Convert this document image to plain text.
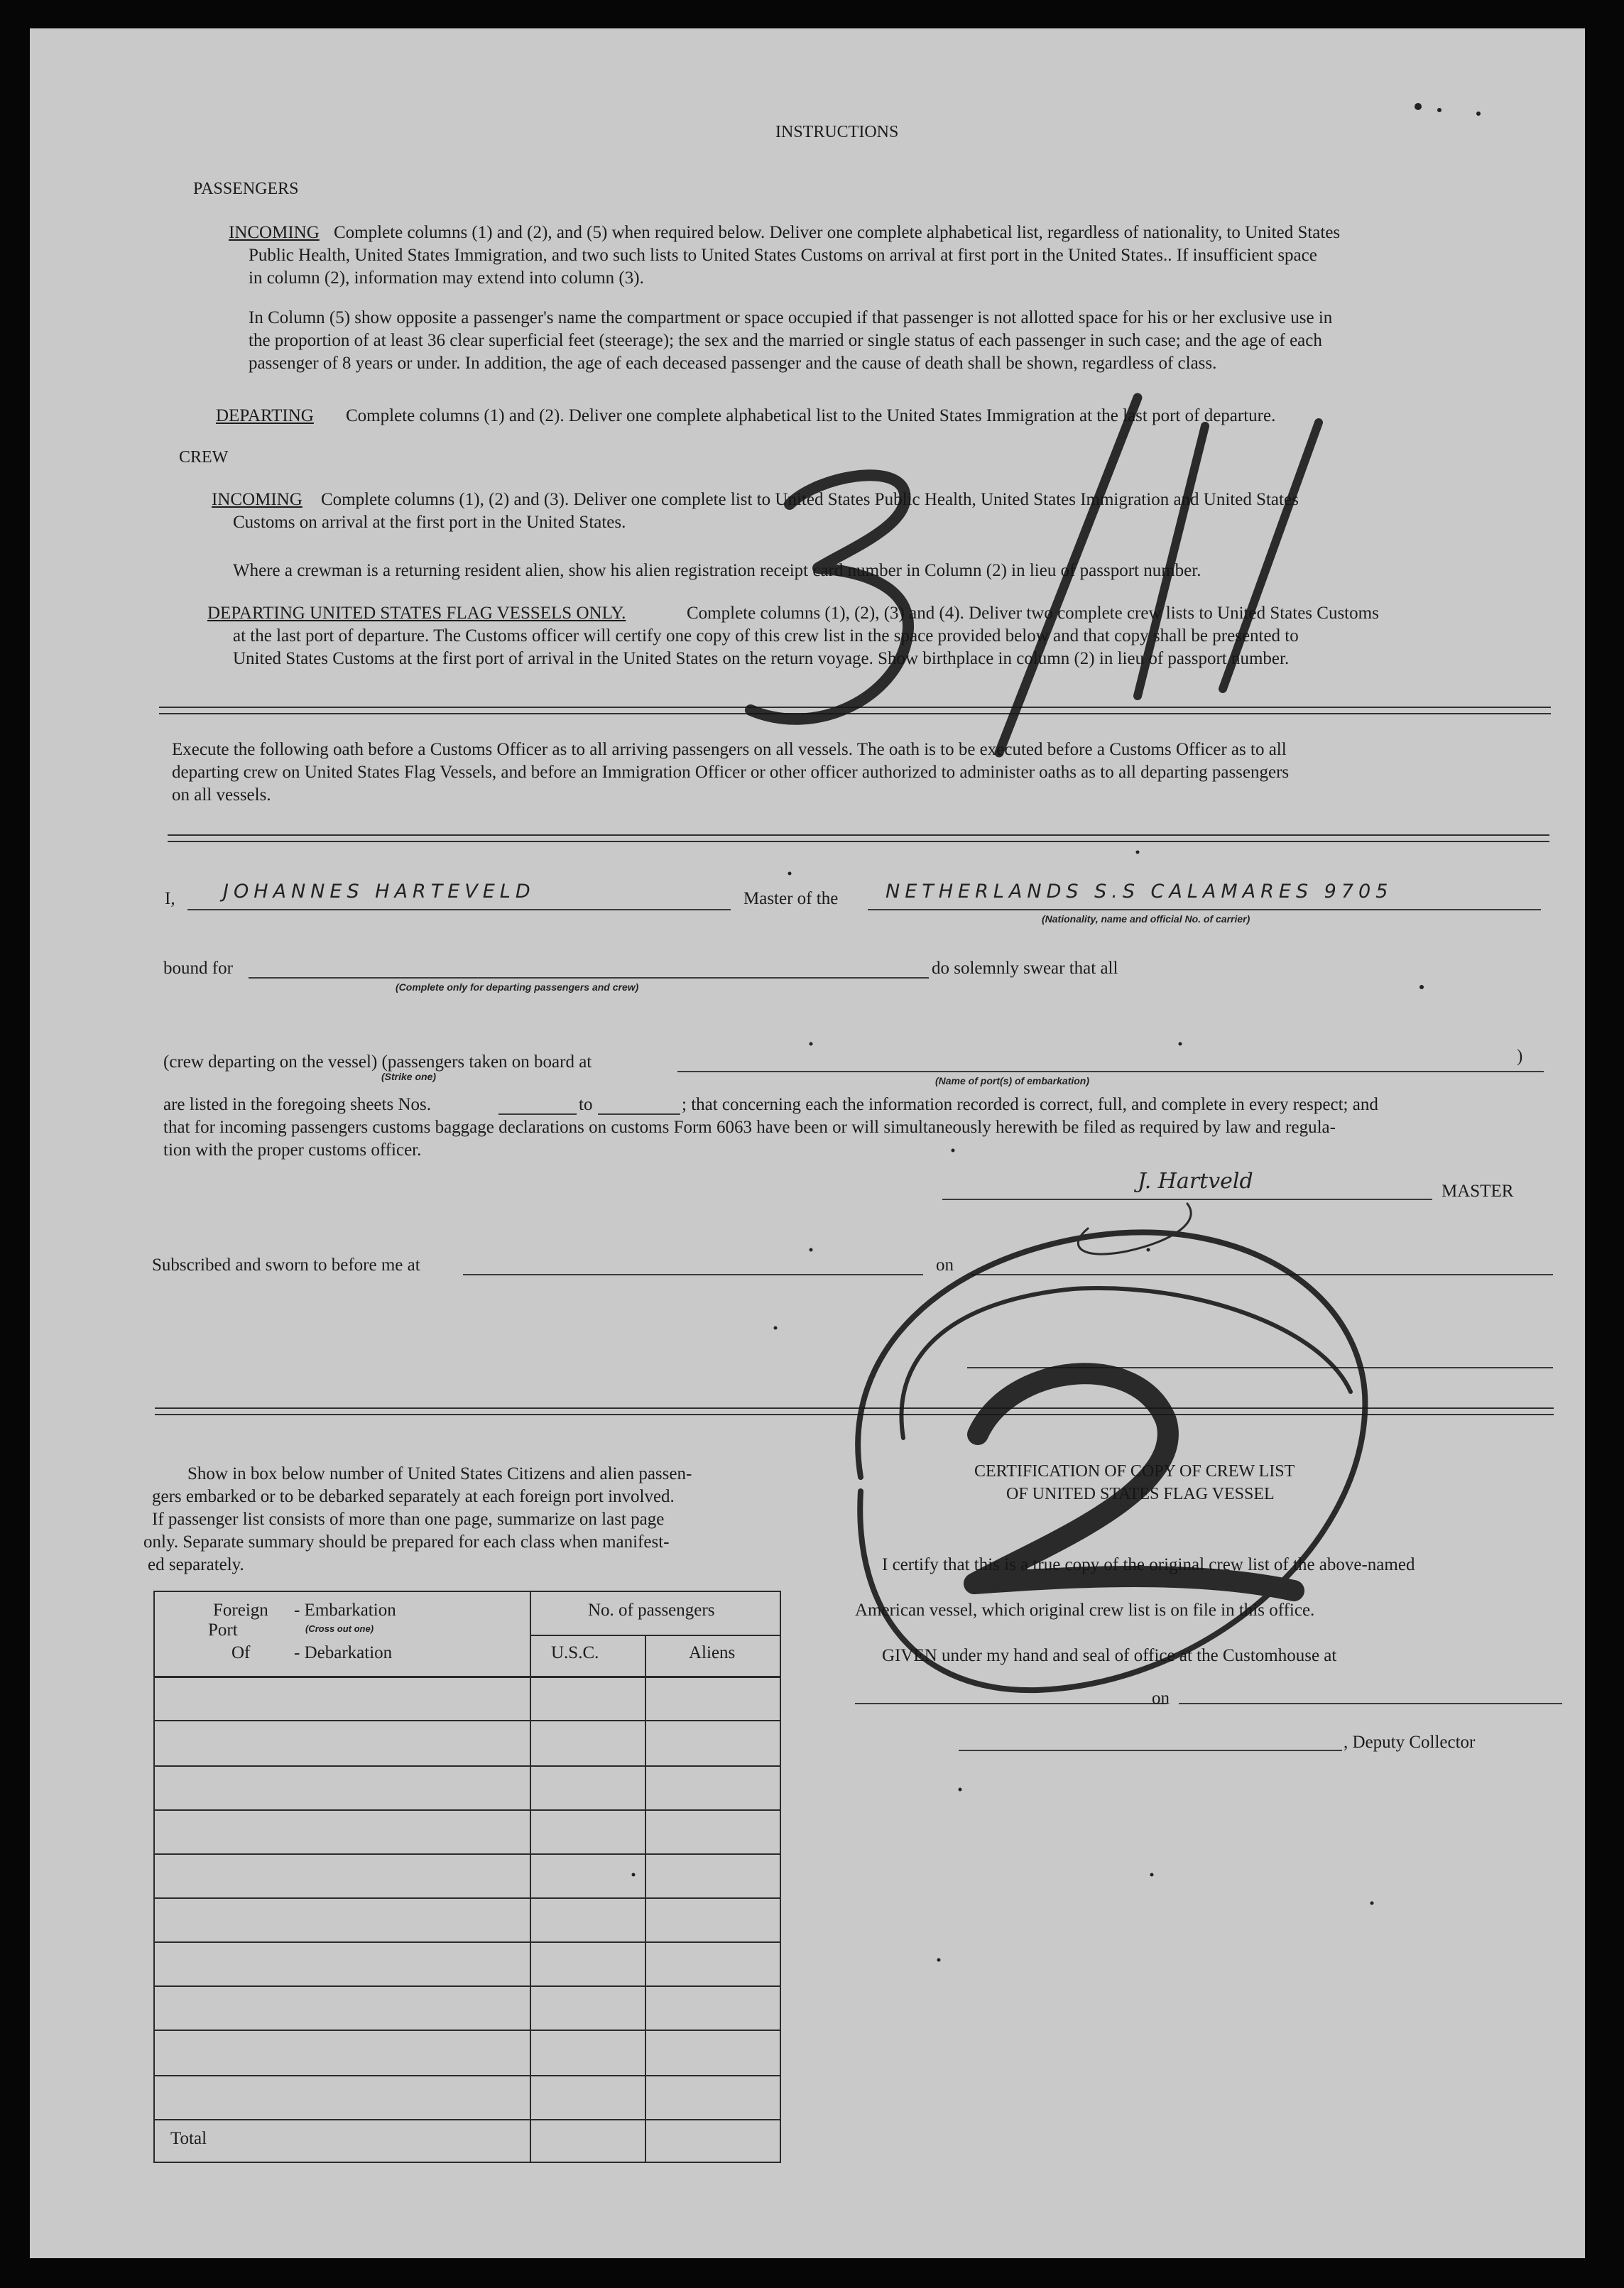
INSTRUCTIONS
PASSENGERS
INCOMING Complete columns (1) and (2), and (5) when required below. Deliver one complete alphabetical list, regardless of nationality, to United States
Public Health, United States Immigration, and two such lists to United States Customs on arrival at first port in the United States.. If insufficient space
in column (2), information may extend into column (3).
In Column (5) show opposite a passenger's name the compartment or space occupied if that passenger is not allotted space for his or her exclusive use in
the proportion of at least 36 clear superficial feet (steerage); the sex and the married or single status of each passenger in such case; and the age of each
passenger of 8 years or under. In addition, the age of each deceased passenger and the cause of death shall be shown, regardless of class.
DEPARTING Complete columns (1) and (2). Deliver one complete alphabetical list to the United States Immigration at the last port of departure.
CREW
INCOMING Complete columns (1), (2) and (3). Deliver one complete list to United States Public Health, United States Immigration and United States
Customs on arrival at the first port in the United States.
Where a crewman is a returning resident alien, show his alien registration receipt card number in Column (2) in lieu of passport number.
DEPARTING UNITED STATES FLAG VESSELS ONLY.	Complete columns (1), (2), (3) and (4). Deliver two complete crew lists to United States Customs
at the last port of departure. The Customs officer will certify one copy of this crew list in the space provided below and that copy shall be presented to
United States Customs at the first port of arrival in the United States on the return voyage. Show birthplace in column (2) in lieu of passport number.
Execute the following oath before a Customs Officer as to all arriving passengers on all vessels. The oath is to be executed before a Customs Officer as to all
departing crew on United States Flag Vessels, and before an Immigration Officer or other officer authorized to administer oaths as to all departing passengers
on all vessels.
I, JOHANNES HARTEVELD	Master of the NETHERLANDS S.S CALAMARES 9705
(Nationality, name and official No. of carrier)
bound for
(Complete only for departing passengers and crew)
do solemnly swear that all
(crew departing on the vessel) (passengers taken on board at
(Strike one)
)
(Name of port(s) of embarkation)
are listed in the foregoing sheets Nos.	to	; that concerning each the information recorded is correct, full, and complete in every respect; and
that for incoming passengers customs baggage declarations on customs Form 6063 have been or will simultaneously herewith be filed as required by law and regula-
tion with the proper customs officer.
J. Hartveld	MASTER
Subscribed and sworn to before me at	on
Show in box below number of United States Citizens and alien passen-
gers embarked or to be debarked separately at each foreign port involved.
If passenger list consists of more than one page, summarize on last page
only. Separate summary should be prepared for each class when manifest-
ed separately.
Foreign - Embarkation
Port	(Cross out one)
Of - Debarkation
No. of passengers
U.S.C.	Aliens
Total
CERTIFICATION OF COPY OF CREW LIST
OF UNITED STATES FLAG VESSEL
I certify that this is a true copy of the original crew list of the above-named
American vessel, which original crew list is on file in this office.
GIVEN under my hand and seal of office at the Customhouse at
on
, Deputy Collector
